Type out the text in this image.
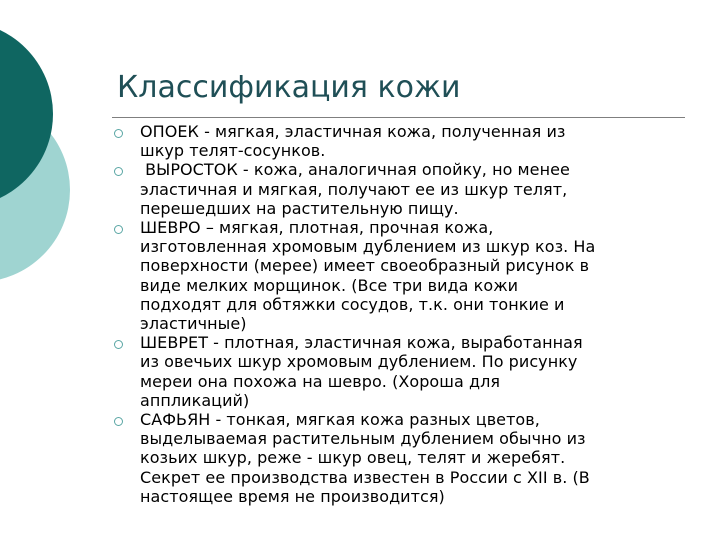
Классификация кожи
ОПОЕК - мягкая, эластичная кожа, полученная из
шкур телят-сосунков.
ВЫРОСТОК - кожа, аналогичная опойку, но менее
эластичная и мягкая, получают ее из шкур телят,
перешедших на растительную пищу.
ШЕВРО – мягкая, плотная, прочная кожа,
изготовленная хромовым дублением из шкур коз. На
поверхности (мерее) имеет своеобразный рисунок в
виде мелких морщинок. (Все три вида кожи
подходят для обтяжки сосудов, т.к. они тонкие и
эластичные)
ШЕВРЕТ - плотная, эластичная кожа, выработанная
из овечьих шкур хромовым дублением. По рисунку
мереи она похожа на шевро. (Хороша для
аппликаций)
САФЬЯН - тонкая, мягкая кожа разных цветов,
выделываемая растительным дублением обычно из
козьих шкур, реже - шкур овец, телят и жеребят.
Секрет ее производства известен в России с XII в. (В
настоящее время не производится)
